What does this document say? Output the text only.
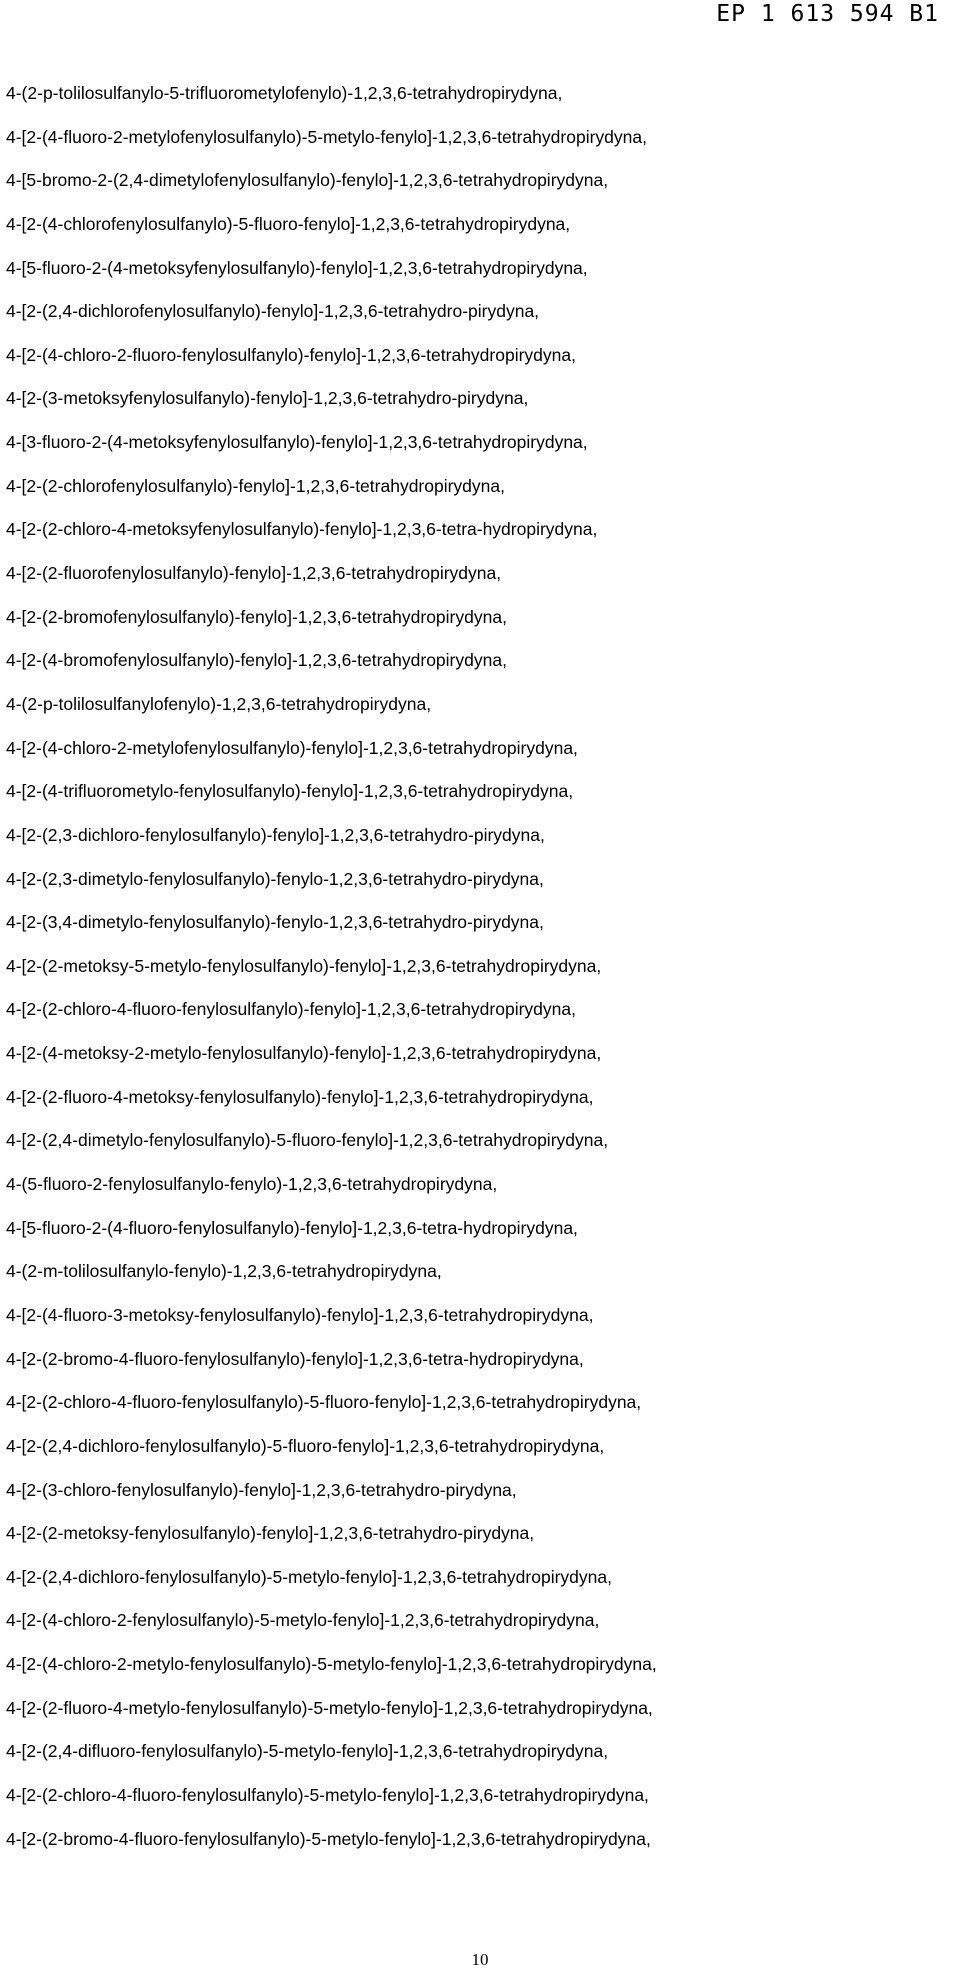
EP 1 613 594 B1
4-(2-p-tolilosulfanylo-5-trifluorometylofenylo)-1,2,3,6-tetrahydropirydyna,
4-[2-(4-fluoro-2-metylofenylosulfanylo)-5-metylo-fenylo]-1,2,3,6-tetrahydropirydyna,
4-[5-bromo-2-(2,4-dimetylofenylosulfanylo)-fenylo]-1,2,3,6-tetrahydropirydyna,
4-[2-(4-chlorofenylosulfanylo)-5-fluoro-fenylo]-1,2,3,6-tetrahydropirydyna,
4-[5-fluoro-2-(4-metoksyfenylosulfanylo)-fenylo]-1,2,3,6-tetrahydropirydyna,
4-[2-(2,4-dichlorofenylosulfanylo)-fenylo]-1,2,3,6-tetrahydro-pirydyna,
4-[2-(4-chloro-2-fluoro-fenylosulfanylo)-fenylo]-1,2,3,6-tetrahydropirydyna,
4-[2-(3-metoksyfenylosulfanylo)-fenylo]-1,2,3,6-tetrahydro-pirydyna,
4-[3-fluoro-2-(4-metoksyfenylosulfanylo)-fenylo]-1,2,3,6-tetrahydropirydyna,
4-[2-(2-chlorofenylosulfanylo)-fenylo]-1,2,3,6-tetrahydropirydyna,
4-[2-(2-chloro-4-metoksyfenylosulfanylo)-fenylo]-1,2,3,6-tetra-hydropirydyna,
4-[2-(2-fluorofenylosulfanylo)-fenylo]-1,2,3,6-tetrahydropirydyna,
4-[2-(2-bromofenylosulfanylo)-fenylo]-1,2,3,6-tetrahydropirydyna,
4-[2-(4-bromofenylosulfanylo)-fenylo]-1,2,3,6-tetrahydropirydyna,
4-(2-p-tolilosulfanylofenylo)-1,2,3,6-tetrahydropirydyna,
4-[2-(4-chloro-2-metylofenylosulfanylo)-fenylo]-1,2,3,6-tetrahydropirydyna,
4-[2-(4-trifluorometylo-fenylosulfanylo)-fenylo]-1,2,3,6-tetrahydropirydyna,
4-[2-(2,3-dichloro-fenylosulfanylo)-fenylo]-1,2,3,6-tetrahydro-pirydyna,
4-[2-(2,3-dimetylo-fenylosulfanylo)-fenylo-1,2,3,6-tetrahydro-pirydyna,
4-[2-(3,4-dimetylo-fenylosulfanylo)-fenylo-1,2,3,6-tetrahydro-pirydyna,
4-[2-(2-metoksy-5-metylo-fenylosulfanylo)-fenylo]-1,2,3,6-tetrahydropirydyna,
4-[2-(2-chloro-4-fluoro-fenylosulfanylo)-fenylo]-1,2,3,6-tetrahydropirydyna,
4-[2-(4-metoksy-2-metylo-fenylosulfanylo)-fenylo]-1,2,3,6-tetrahydropirydyna,
4-[2-(2-fluoro-4-metoksy-fenylosulfanylo)-fenylo]-1,2,3,6-tetrahydropirydyna,
4-[2-(2,4-dimetylo-fenylosulfanylo)-5-fluoro-fenylo]-1,2,3,6-tetrahydropirydyna,
4-(5-fluoro-2-fenylosulfanylo-fenylo)-1,2,3,6-tetrahydropirydyna,
4-[5-fluoro-2-(4-fluoro-fenylosulfanylo)-fenylo]-1,2,3,6-tetra-hydropirydyna,
4-(2-m-tolilosulfanylo-fenylo)-1,2,3,6-tetrahydropirydyna,
4-[2-(4-fluoro-3-metoksy-fenylosulfanylo)-fenylo]-1,2,3,6-tetrahydropirydyna,
4-[2-(2-bromo-4-fluoro-fenylosulfanylo)-fenylo]-1,2,3,6-tetra-hydropirydyna,
4-[2-(2-chloro-4-fluoro-fenylosulfanylo)-5-fluoro-fenylo]-1,2,3,6-tetrahydropirydyna,
4-[2-(2,4-dichloro-fenylosulfanylo)-5-fluoro-fenylo]-1,2,3,6-tetrahydropirydyna,
4-[2-(3-chloro-fenylosulfanylo)-fenylo]-1,2,3,6-tetrahydro-pirydyna,
4-[2-(2-metoksy-fenylosulfanylo)-fenylo]-1,2,3,6-tetrahydro-pirydyna,
4-[2-(2,4-dichloro-fenylosulfanylo)-5-metylo-fenylo]-1,2,3,6-tetrahydropirydyna,
4-[2-(4-chloro-2-fenylosulfanylo)-5-metylo-fenylo]-1,2,3,6-tetrahydropirydyna,
4-[2-(4-chloro-2-metylo-fenylosulfanylo)-5-metylo-fenylo]-1,2,3,6-tetrahydropirydyna,
4-[2-(2-fluoro-4-metylo-fenylosulfanylo)-5-metylo-fenylo]-1,2,3,6-tetrahydropirydyna,
4-[2-(2,4-difluoro-fenylosulfanylo)-5-metylo-fenylo]-1,2,3,6-tetrahydropirydyna,
4-[2-(2-chloro-4-fluoro-fenylosulfanylo)-5-metylo-fenylo]-1,2,3,6-tetrahydropirydyna,
4-[2-(2-bromo-4-fluoro-fenylosulfanylo)-5-metylo-fenylo]-1,2,3,6-tetrahydropirydyna,
10
